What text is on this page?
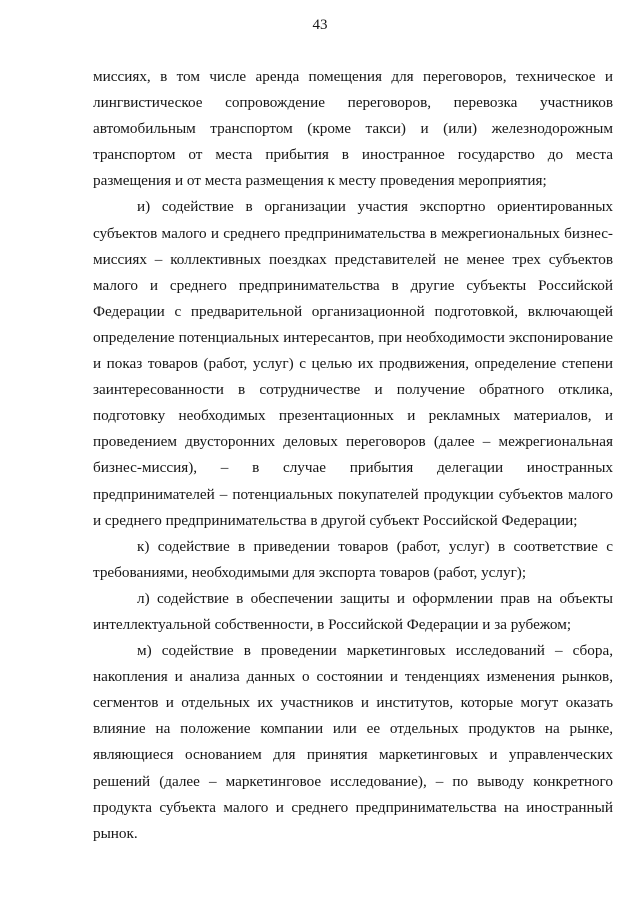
43

миссиях, в том числе аренда помещения для переговоров, техническое и лингвистическое сопровождение переговоров, перевозка участников автомобильным транспортом (кроме такси) и (или) железнодорожным транспортом от места прибытия в иностранное государство до места размещения и от места размещения к месту проведения мероприятия;

и) содействие в организации участия экспортно ориентированных субъектов малого и среднего предпринимательства в межрегиональных бизнес-миссиях – коллективных поездках представителей не менее трех субъектов малого и среднего предпринимательства в другие субъекты Российской Федерации с предварительной организационной подготовкой, включающей определение потенциальных интересантов, при необходимости экспонирование и показ товаров (работ, услуг) с целью их продвижения, определение степени заинтересованности в сотрудничестве и получение обратного отклика, подготовку необходимых презентационных и рекламных материалов, и проведением двусторонних деловых переговоров (далее – межрегиональная бизнес-миссия), – в случае прибытия делегации иностранных предпринимателей – потенциальных покупателей продукции субъектов малого и среднего предпринимательства в другой субъект Российской Федерации;

к) содействие в приведении товаров (работ, услуг) в соответствие с требованиями, необходимыми для экспорта товаров (работ, услуг);

л) содействие в обеспечении защиты и оформлении прав на объекты интеллектуальной собственности, в Российской Федерации и за рубежом;

м) содействие в проведении маркетинговых исследований – сбора, накопления и анализа данных о состоянии и тенденциях изменения рынков, сегментов и отдельных их участников и институтов, которые могут оказать влияние на положение компании или ее отдельных продуктов на рынке, являющиеся основанием для принятия маркетинговых и управленческих решений (далее – маркетинговое исследование), – по выводу конкретного продукта субъекта малого и среднего предпринимательства на иностранный рынок.
